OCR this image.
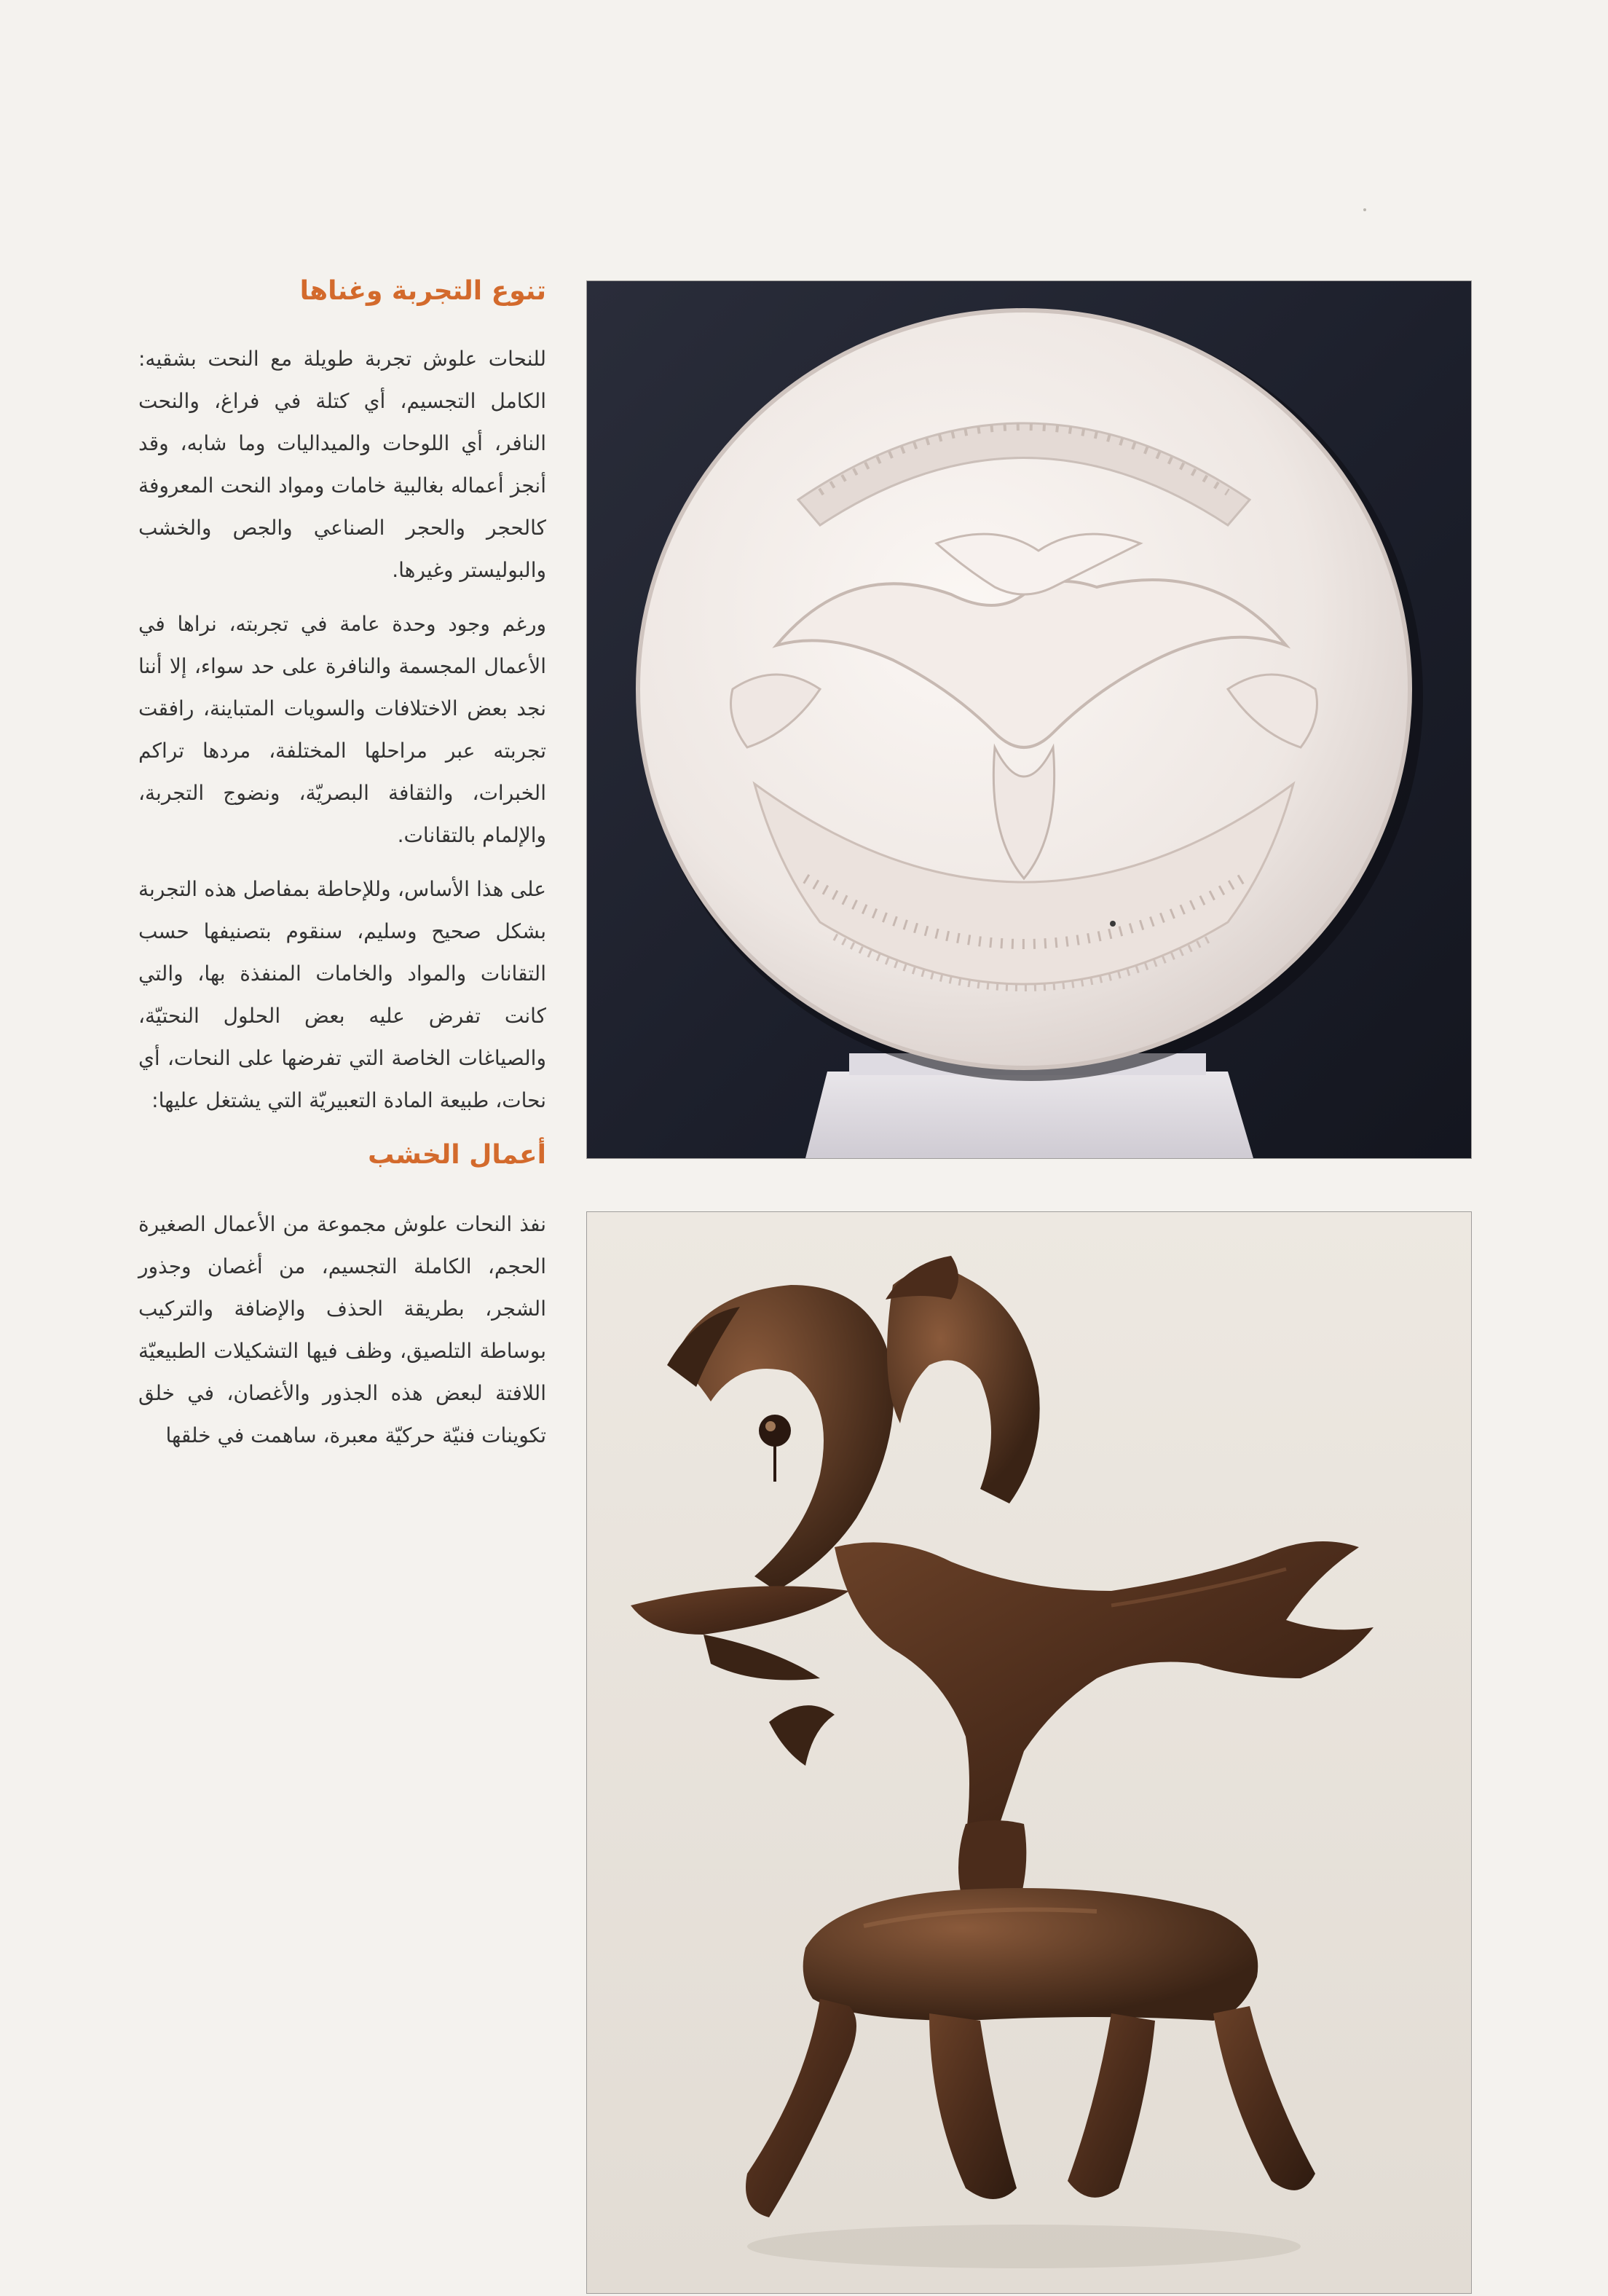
تنوع التجربة وغناها

للنحات علوش تجربة طويلة مع النحت بشقيه: الكامل التجسيم، أي كتلة في فراغ، والنحت النافر، أي اللوحات والميداليات وما شابه، وقد أنجز أعماله بغالبية خامات ومواد النحت المعروفة كالحجر والحجر الصناعي والجص والخشب والبوليستر وغيرها.

ورغم وجود وحدة عامة في تجربته، نراها في الأعمال المجسمة والنافرة على حد سواء، إلا أننا نجد بعض الاختلافات والسويات المتباينة، رافقت تجربته عبر مراحلها المختلفة، مردها تراكم الخبرات، والثقافة البصريّة، ونضوج التجربة، والإلمام بالتقانات.

على هذا الأساس، وللإحاطة بمفاصل هذه التجربة بشكل صحيح وسليم، سنقوم بتصنيفها حسب التقانات والمواد والخامات المنفذة بها، والتي كانت تفرض عليه بعض الحلول النحتيّة، والصياغات الخاصة التي تفرضها على النحات، أي نحات، طبيعة المادة التعبيريّة التي يشتغل عليها:

أعمال الخشب

نفذ النحات علوش مجموعة من الأعمال الصغيرة الحجم، الكاملة التجسيم، من أغصان وجذور الشجر، بطريقة الحذف والإضافة والتركيب بوساطة التلصيق، وظف فيها التشكيلات الطبيعيّة اللافتة لبعض هذه الجذور والأغصان، في خلق تكوينات فنيّة حركيّة معبرة، ساهمت في خلقها
